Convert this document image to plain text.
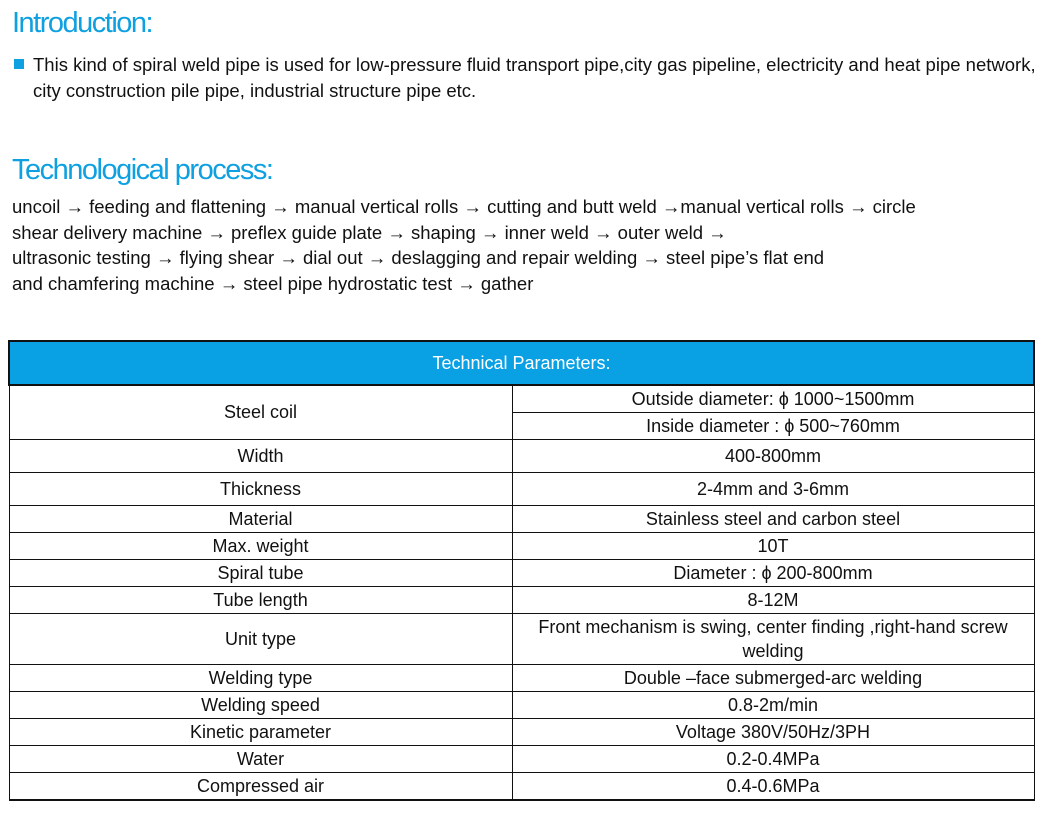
Introduction:
This kind of spiral weld pipe is used for low-pressure fluid transport pipe,city gas pipeline, electricity and heat pipe network, city construction pile pipe, industrial structure pipe etc.
Technological process:
uncoil → feeding and flattening → manual vertical rolls → cutting and butt weld →manual vertical rolls → circle
shear delivery machine → preflex guide plate → shaping → inner weld → outer weld →
ultrasonic testing → flying shear → dial out → deslagging and repair welding → steel pipe’s flat end
and chamfering machine → steel pipe hydrostatic test → gather
Technical Parameters:	
Steel coil	Outside diameter: ϕ 1000~1500mm
	Inside diameter : ϕ 500~760mm
Width	400-800mm
Thickness	2-4mm and 3-6mm
Material	Stainless steel and carbon steel
Max. weight	10T
Spiral tube	Diameter : ϕ 200-800mm
Tube length	8-12M
Unit type	Front mechanism is swing, center finding ,right-hand screw welding
Welding type	Double –face submerged-arc welding
Welding speed	0.8-2m/min
Kinetic parameter	Voltage 380V/50Hz/3PH
Water	0.2-0.4MPa
Compressed air	0.4-0.6MPa
